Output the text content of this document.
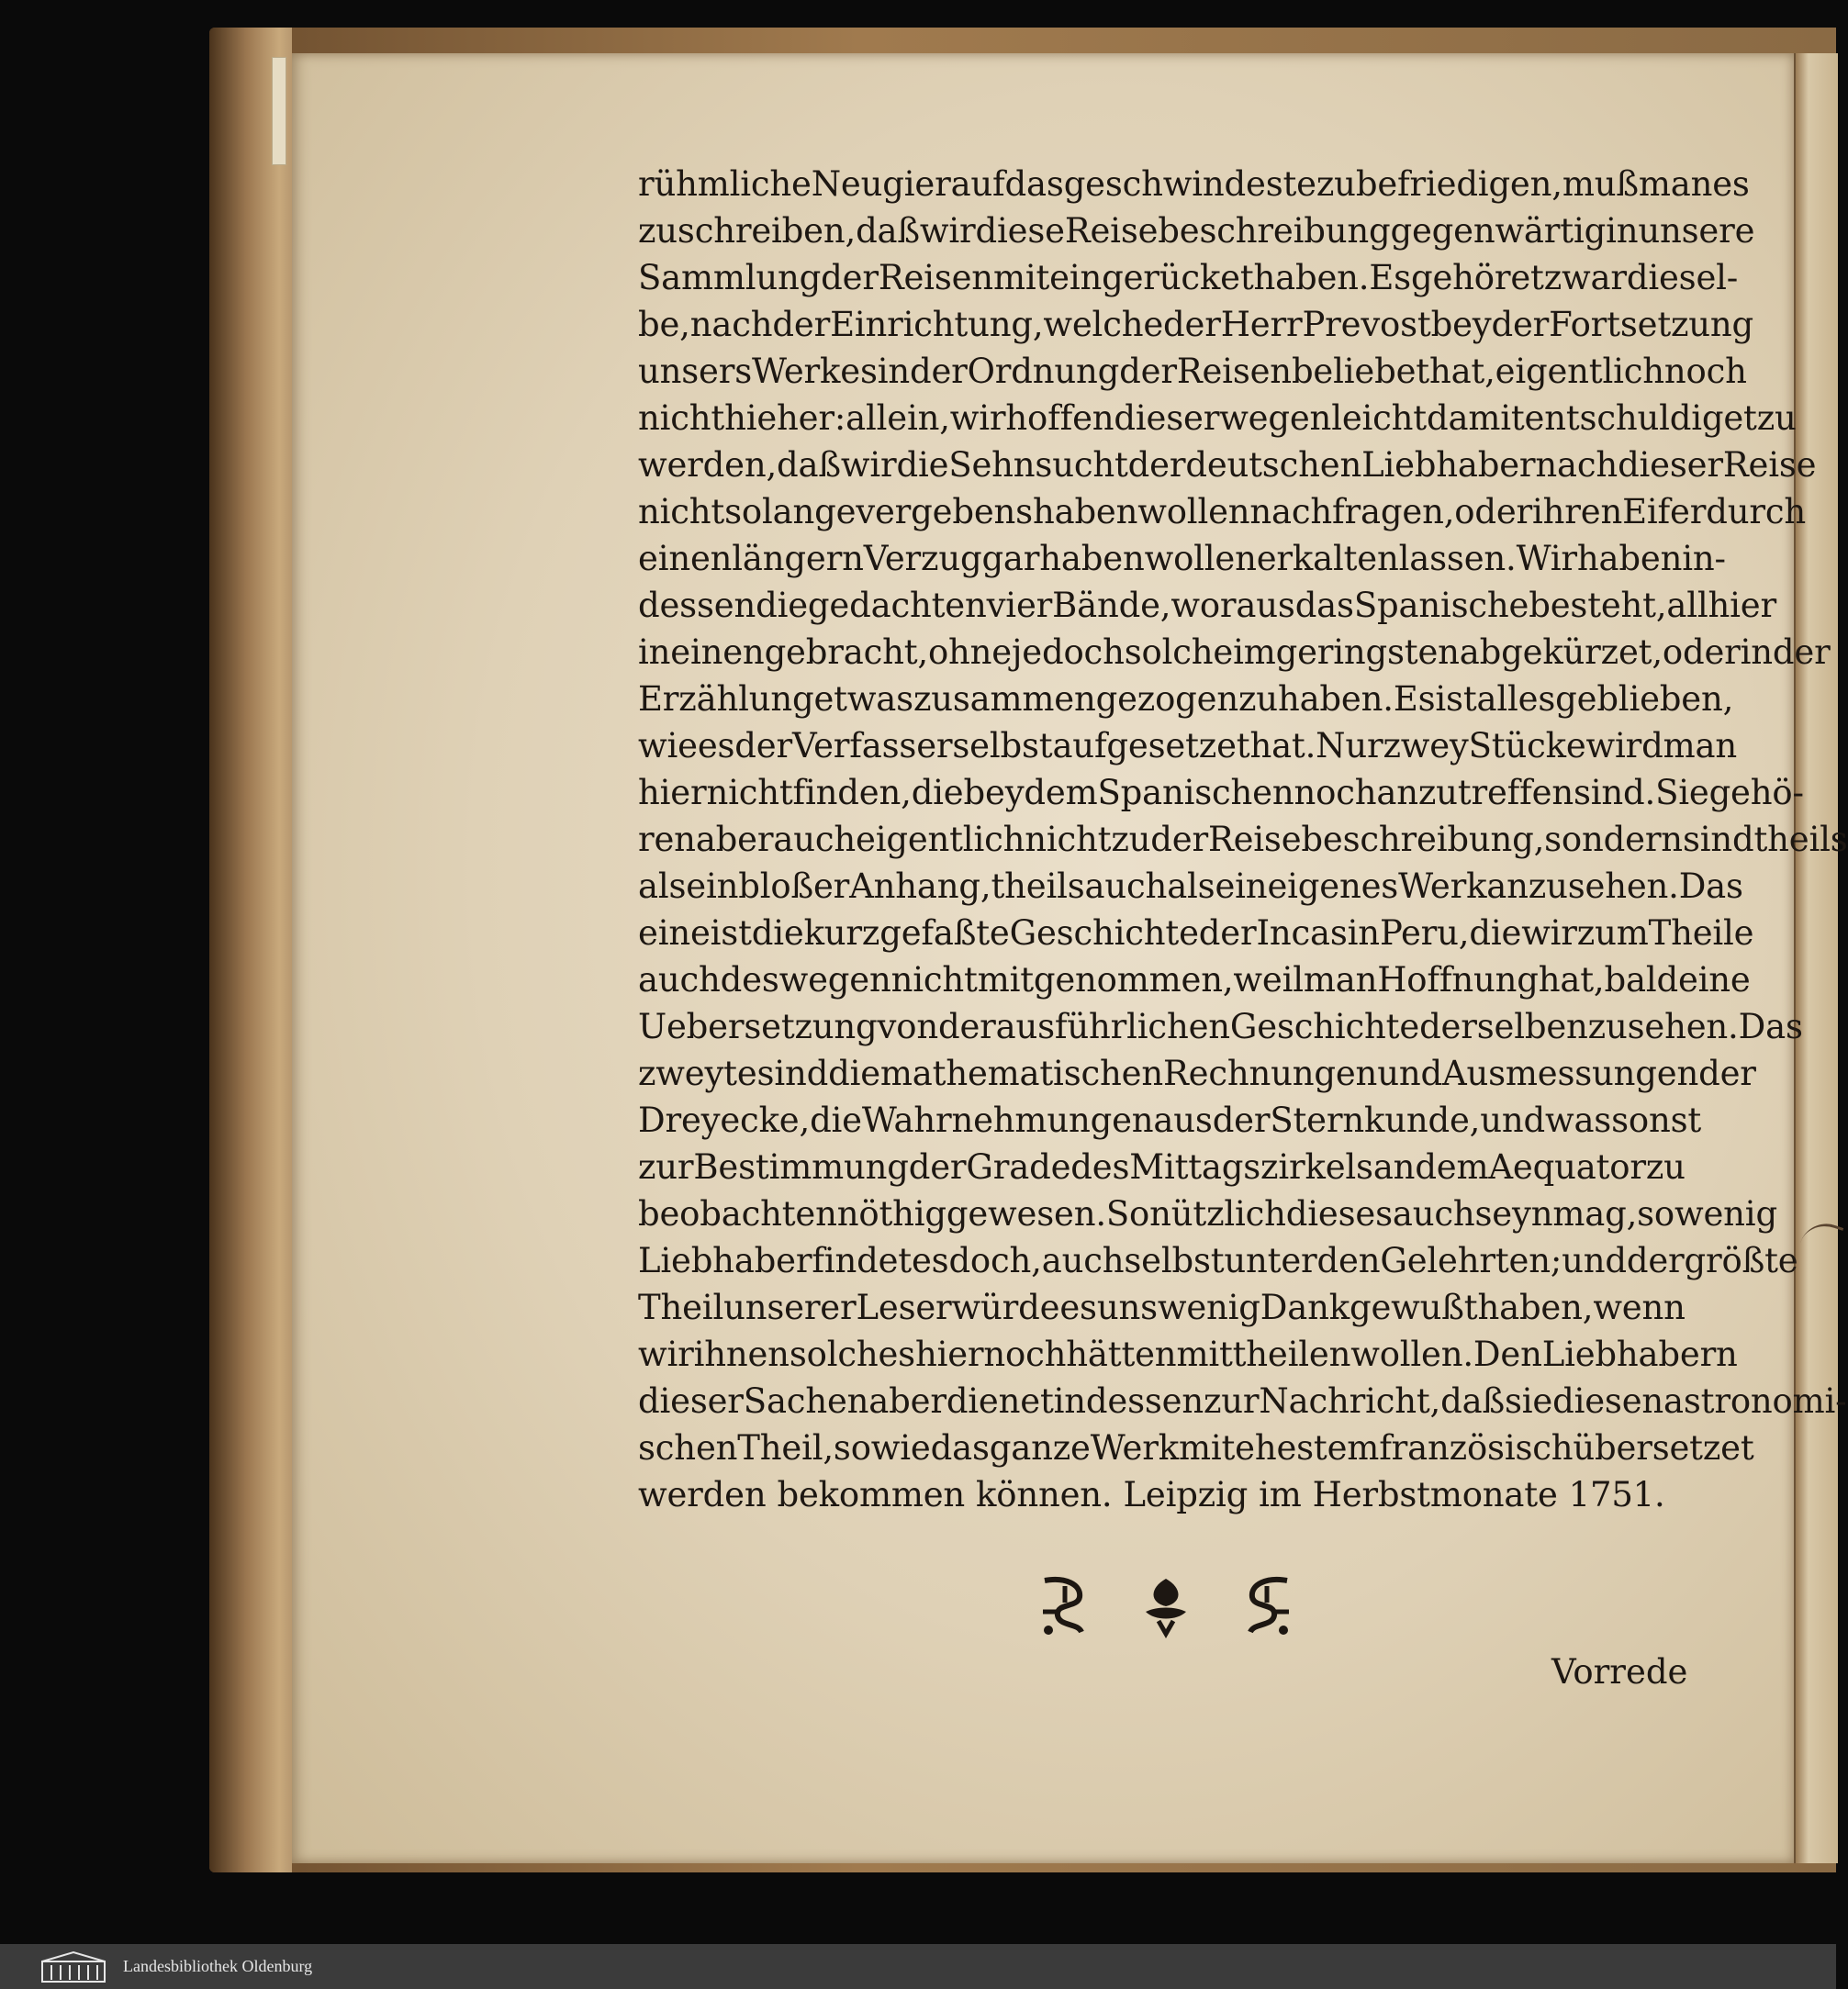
rühmliche Neugier auf das geschwindeste zu befriedigen, muß man es
zuschreiben, daß wir diese Reisebeschreibung gegenwärtig in unsere
Sammlung der Reisen mit eingerücket haben. Es gehöret zwar diesel-
be, nach der Einrichtung, welche der Herr Prevost bey der Fortsetzung
unsers Werkes in der Ordnung der Reisen beliebet hat, eigentlich noch
nicht hieher: allein, wir hoffen dieserwegen leicht damit entschuldiget zu
werden, daß wir die Sehnsucht der deutschen Liebhaber nach dieser Reise
nicht so lange vergebens haben wollen nachfragen, oder ihren Eifer durch
einen längern Verzug gar haben wollen erkalten lassen. Wir haben in-
dessen die gedachten vier Bände, woraus das Spanische besteht, allhier
in einen gebracht, ohne jedoch solche im geringsten abgekürzet, oder in der
Erzählung etwas zusammen gezogen zu haben. Es ist alles geblieben,
wie es der Verfasser selbst aufgesetzet hat. Nur zwey Stücke wird man
hier nicht finden, die bey dem Spanischen noch anzutreffen sind. Sie gehö-
ren aber auch eigentlich nicht zu der Reisebeschreibung, sondern sind theils
als ein bloßer Anhang, theils auch als ein eigenes Werk anzusehen. Das
eine ist die kurzgefaßte Geschichte der Incas in Peru, die wir zum Theile
auch deswegen nicht mitgenommen, weil man Hoffnung hat, bald eine
Uebersetzung von der ausführlichen Geschichte derselben zu sehen. Das
zweyte sind die mathematischen Rechnungen und Ausmessungen der
Dreyecke, die Wahrnehmungen aus der Sternkunde, und was sonst
zur Bestimmung der Grade des Mittagszirkels an dem Aequator zu
beobachten nöthig gewesen. So nützlich dieses auch seyn mag, so wenig
Liebhaber findet es doch, auch selbst unter den Gelehrten; und der größte
Theil unserer Leser würde es uns wenig Dank gewußt haben, wenn
wir ihnen solches hier noch hätten mittheilen wollen. Den Liebhabern
dieser Sachen aber dienet indessen zur Nachricht, daß sie diesen astronomi-
schen Theil, so wie das ganze Werk mit ehestem französisch übersetzet
werden bekommen können. Leipzig im Herbstmonate 1751.
Vorrede
Landesbibliothek Oldenburg
